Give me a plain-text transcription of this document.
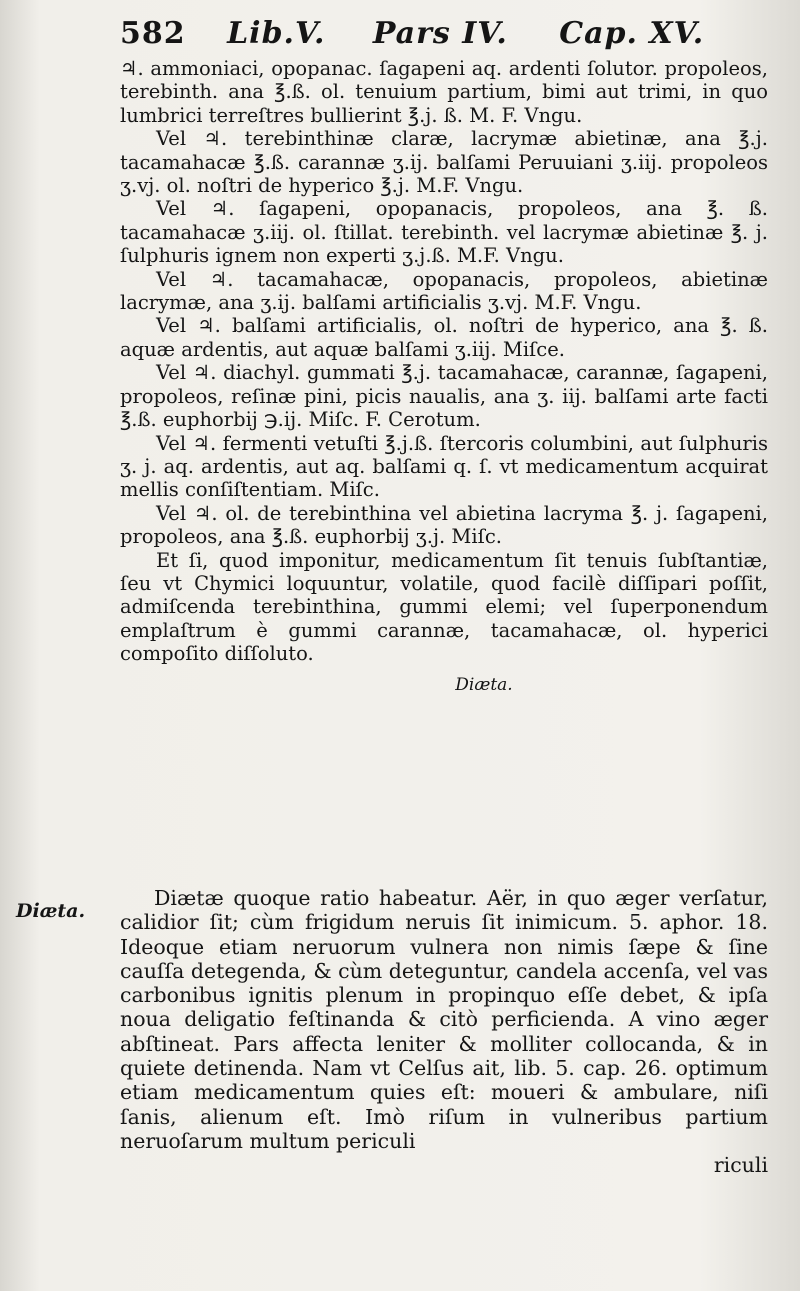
582 Lib.V. Pars IV. Cap. XV.

♃. ammoniaci, opopanac. ſagapeni aq. ardenti ſolutor. propoleos, terebinth. ana ℥.ß. ol. tenuium partium, bimi aut trimi, in quo lumbrici terreſtres bullierint ℥.j. ß. M. F. Vngu.

Vel ♃. terebinthinæ claræ, lacrymæ abietinæ, ana ℥.j. tacamahacæ ℥.ß. carannæ ʒ.ij. balſami Peruuiani ʒ.iij. propoleos ʒ.vj. ol. noſtri de hyperico ℥.j. M.F. Vngu.

Vel ♃. ſagapeni, opopanacis, propoleos, ana ℥. ß. tacamahacæ ʒ.iij. ol. ſtillat. terebinth. vel lacrymæ abietinæ ℥. j. ſulphuris ignem non experti ʒ.j.ß. M.F. Vngu.

Vel ♃. tacamahacæ, opopanacis, propoleos, abietinæ lacrymæ, ana ʒ.ij. balſami artificialis ʒ.vj. M.F. Vngu.

Vel ♃. balſami artificialis, ol. noſtri de hyperico, ana ℥. ß. aquæ ardentis, aut aquæ balſami ʒ.iij. Miſce.

Vel ♃. diachyl. gummati ℥.j. tacamahacæ, carannæ, ſagapeni, propoleos, reſinæ pini, picis naualis, ana ʒ. iij. balſami arte facti ℥.ß. euphorbij ℈.ij. Miſc. F. Cerotum.

Vel ♃. fermenti vetuſti ℥.j.ß. ſtercoris columbini, aut ſulphuris ʒ. j. aq. ardentis, aut aq. balſami q. ſ. vt medicamentum acquirat mellis conſiſtentiam. Miſc.

Vel ♃. ol. de terebinthina vel abietina lacryma ℥. j. ſagapeni, propoleos, ana ℥.ß. euphorbij ʒ.j. Miſc.

Et ſi, quod imponitur, medicamentum ſit tenuis ſubſtantiæ, ſeu vt Chymici loquuntur, volatile, quod facilè diſſipari poſſit, admiſcenda terebinthina, gummi elemi; vel ſuperponendum emplaſtrum è gummi carannæ, tacamahacæ, ol. hyperici compoſito diſſoluto.

Diæta.
Diæta.

Diætæ quoque ratio habeatur. Aër, in quo æger verſatur, calidior ſit; cùm frigidum neruis ſit inimicum. 5. aphor. 18. Ideoque etiam neruorum vulnera non nimis ſæpe & ſine cauſſa detegenda, & cùm deteguntur, candela accenſa, vel vas carbonibus ignitis plenum in propinquo eſſe debet, & ipſa noua deligatio feſtinanda & citò perficienda. A vino æger abſtineat. Pars affecta leniter & molliter collocanda, & in quiete detinenda. Nam vt Celſus ait, lib. 5. cap. 26. optimum etiam medicamentum quies eſt: moueri & ambulare, niſi ſanis, alienum eſt. Imò riſum in vulneribus partium neruoſarum multum periculi

riculi
